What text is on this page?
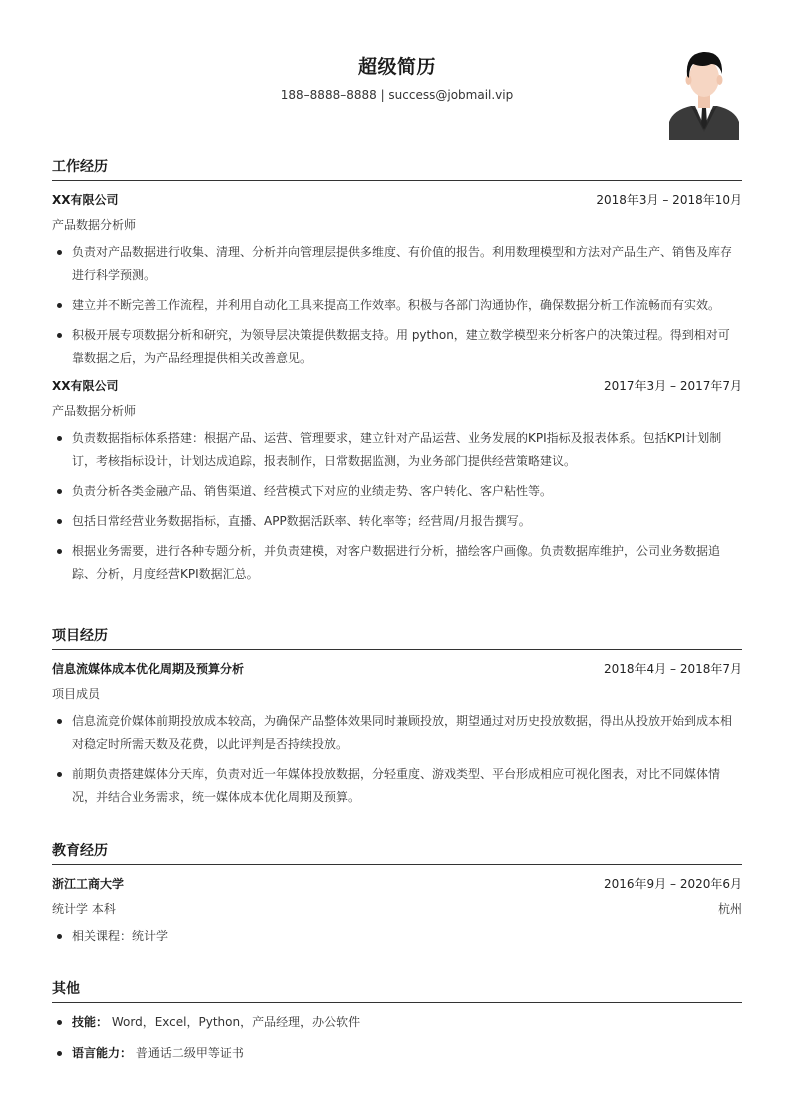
超级简历
188–8888–8888 | success@jobmail.vip
工作经历
XX有限公司	2018年3月 – 2018年10月
产品数据分析师
负责对产品数据进行收集、清理、分析并向管理层提供多维度、有价值的报告。利用数理模型和方法对产品生产、销售及库存进行科学预测。
建立并不断完善工作流程，并利用自动化工具来提高工作效率。积极与各部门沟通协作，确保数据分析工作流畅而有实效。
积极开展专项数据分析和研究，为领导层决策提供数据支持。用 python，建立数学模型来分析客户的决策过程。得到相对可靠数据之后，为产品经理提供相关改善意见。
XX有限公司	2017年3月 – 2017年7月
产品数据分析师
负责数据指标体系搭建：根据产品、运营、管理要求，建立针对产品运营、业务发展的KPI指标及报表体系。包括KPI计划制订，考核指标设计，计划达成追踪，报表制作，日常数据监测，为业务部门提供经营策略建议。
负责分析各类金融产品、销售渠道、经营模式下对应的业绩走势、客户转化、客户粘性等。
包括日常经营业务数据指标，直播、APP数据活跃率、转化率等；经营周/月报告撰写。
根据业务需要，进行各种专题分析，并负责建模，对客户数据进行分析，描绘客户画像。负责数据库维护，公司业务数据追踪、分析，月度经营KPI数据汇总。
项目经历
信息流媒体成本优化周期及预算分析	2018年4月 – 2018年7月
项目成员
信息流竞价媒体前期投放成本较高，为确保产品整体效果同时兼顾投放，期望通过对历史投放数据，得出从投放开始到成本相对稳定时所需天数及花费，以此评判是否持续投放。
前期负责搭建媒体分天库，负责对近一年媒体投放数据，分轻重度、游戏类型、平台形成相应可视化图表，对比不同媒体情况，并结合业务需求，统一媒体成本优化周期及预算。
教育经历
浙江工商大学	2016年9月 – 2020年6月
统计学 本科	杭州
相关课程：统计学
其他
技能： Word，Excel，Python，产品经理，办公软件
语言能力： 普通话二级甲等证书
